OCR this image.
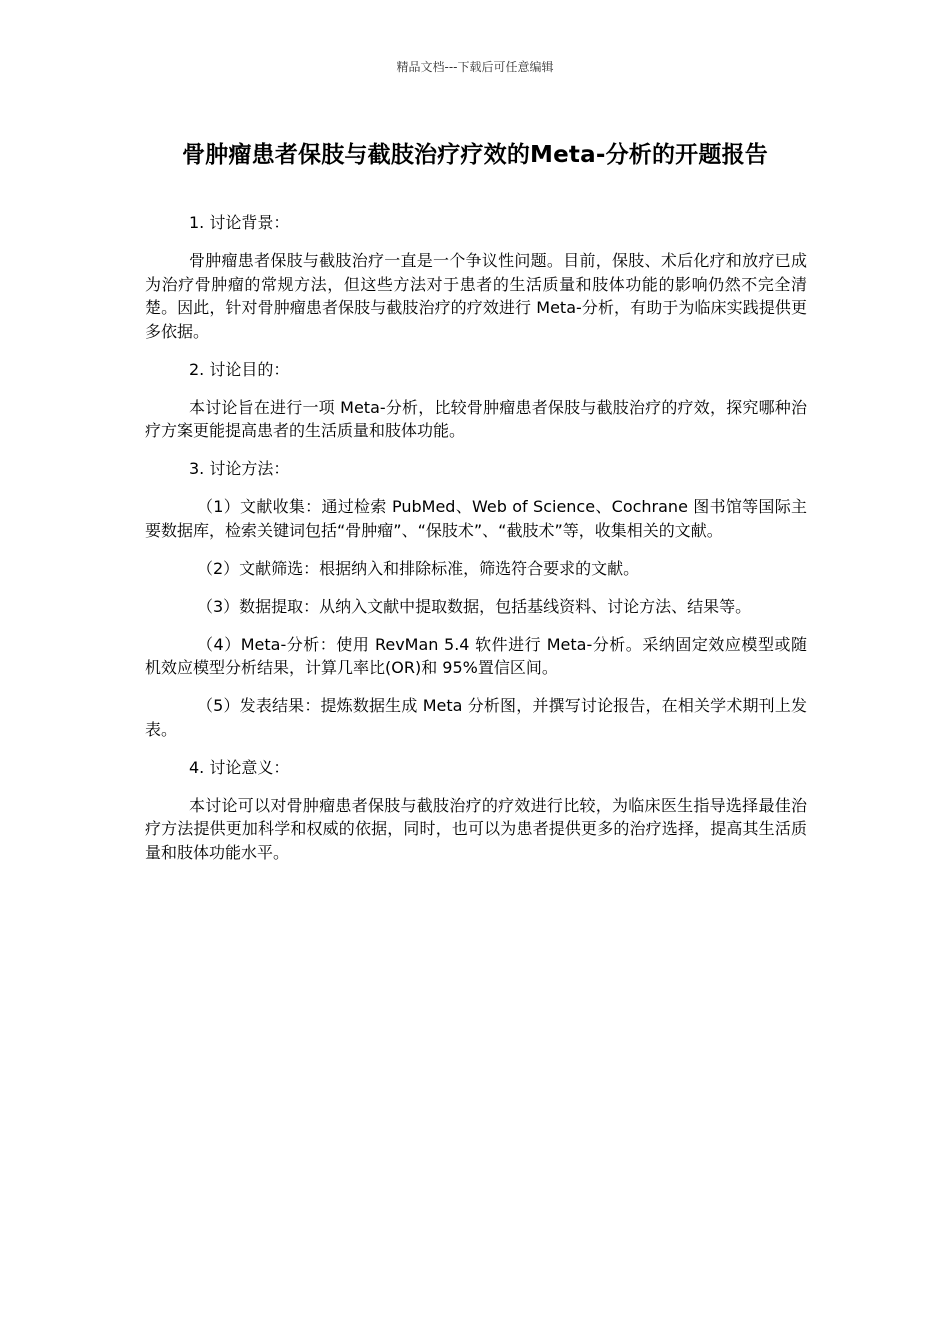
精品文档---下载后可任意编辑
骨肿瘤患者保肢与截肢治疗疗效的Meta-分析的开题报告

1. 讨论背景：

骨肿瘤患者保肢与截肢治疗一直是一个争议性问题。目前，保肢、术后化疗和放疗已成为治疗骨肿瘤的常规方法，但这些方法对于患者的生活质量和肢体功能的影响仍然不完全清楚。因此，针对骨肿瘤患者保肢与截肢治疗的疗效进行 Meta-分析，有助于为临床实践提供更多依据。

2. 讨论目的：

本讨论旨在进行一项 Meta-分析，比较骨肿瘤患者保肢与截肢治疗的疗效，探究哪种治疗方案更能提高患者的生活质量和肢体功能。

3. 讨论方法：

（1）文献收集：通过检索 PubMed、Web of Science、Cochrane 图书馆等国际主要数据库，检索关键词包括“骨肿瘤”、“保肢术”、“截肢术”等，收集相关的文献。

（2）文献筛选：根据纳入和排除标准，筛选符合要求的文献。

（3）数据提取：从纳入文献中提取数据，包括基线资料、讨论方法、结果等。

（4）Meta-分析：使用 RevMan 5.4 软件进行 Meta-分析。采纳固定效应模型或随机效应模型分析结果，计算几率比(OR)和 95%置信区间。

（5）发表结果：提炼数据生成 Meta 分析图，并撰写讨论报告，在相关学术期刊上发表。

4. 讨论意义：

本讨论可以对骨肿瘤患者保肢与截肢治疗的疗效进行比较，为临床医生指导选择最佳治疗方法提供更加科学和权威的依据，同时，也可以为患者提供更多的治疗选择，提高其生活质量和肢体功能水平。
